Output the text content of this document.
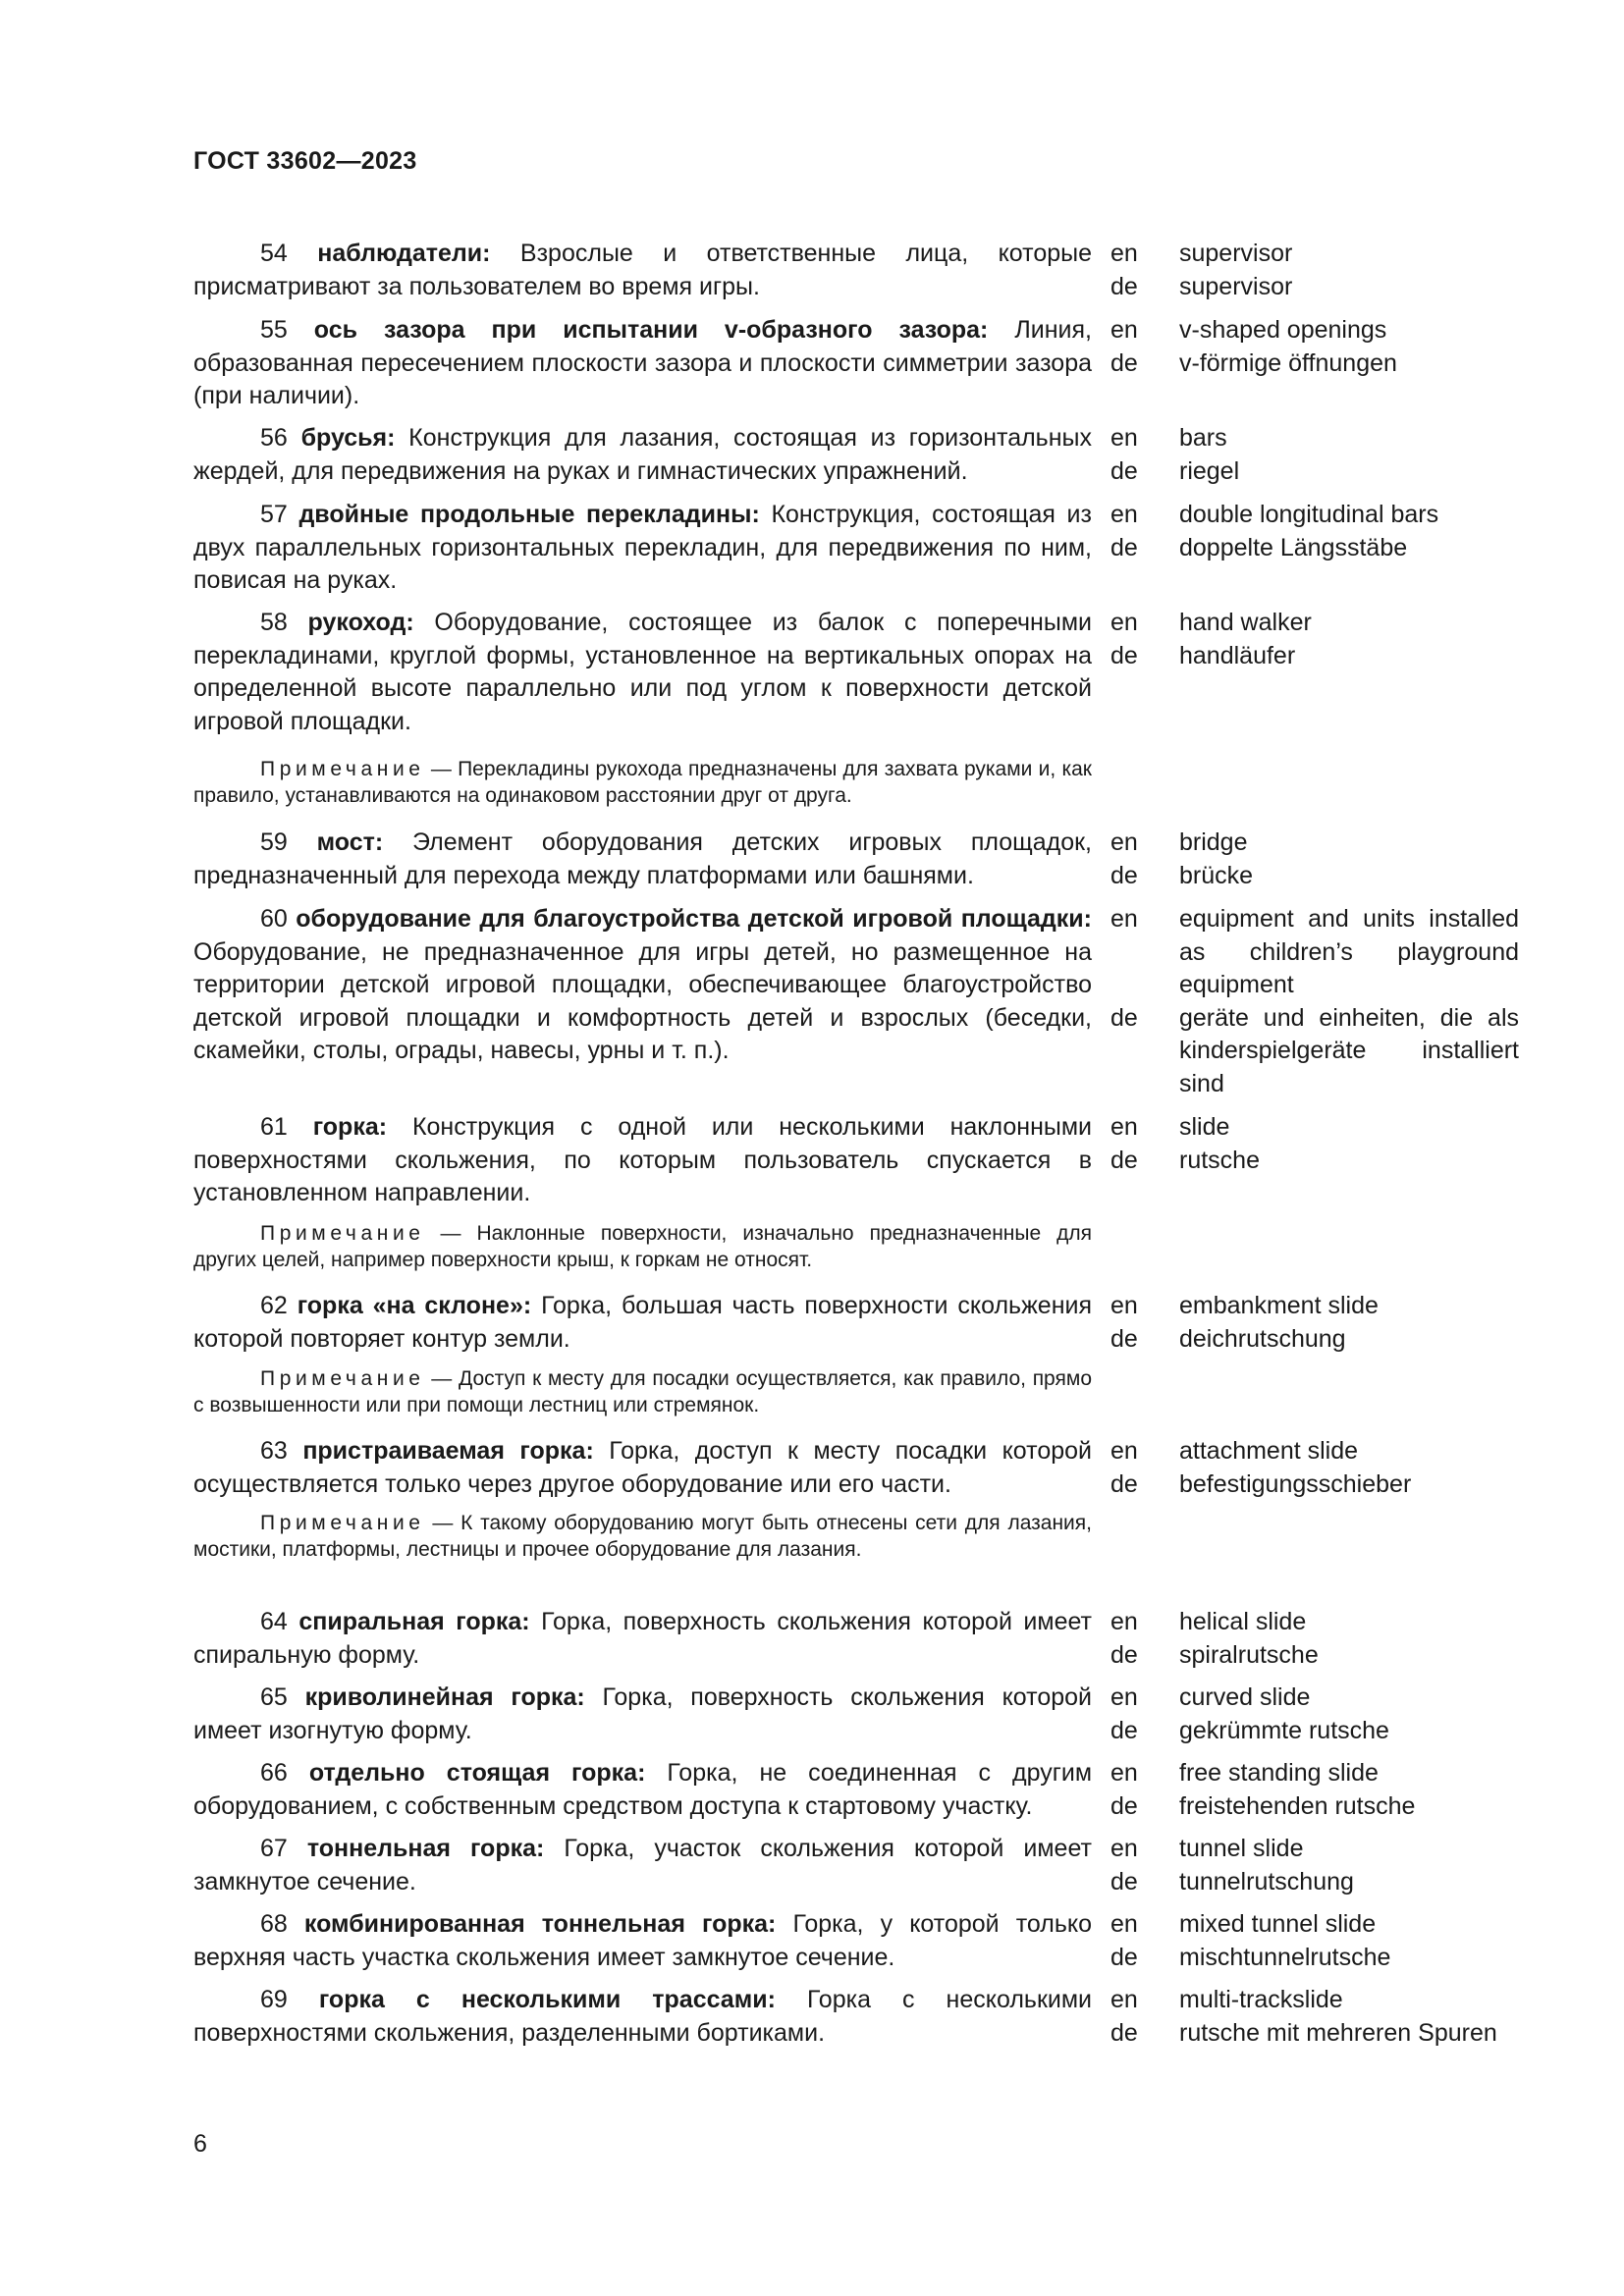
ГОСТ 33602—2023

54 наблюдатели: Взрослые и ответственные лица, которые присматривают за пользователем во время игры.

en
de
supervisor
supervisor

55 ось зазора при испытании v-образного зазора: Линия, образованная пересечением плоскости зазора и плоскости симметрии зазора (при наличии).

en
de
v-shaped openings
v-förmige öffnungen

56 брусья: Конструкция для лазания, состоящая из горизонтальных жердей, для передвижения на руках и гимнастических упражнений.

en
de
bars
riegel

57 двойные продольные перекладины: Конструкция, состоящая из двух параллельных горизонтальных перекладин, для передвижения по ним, повисая на руках.

en
de
double longitudinal bars
doppelte Längsstäbe

58 рукоход: Оборудование, состоящее из балок с поперечными перекладинами, круглой формы, установленное на вертикальных опорах на определенной высоте параллельно или под углом к поверхности детской игровой площадки.

en
de
hand walker
handläufer

Примечание — Перекладины рукохода предназначены для захвата руками и, как правило, устанавливаются на одинаковом расстоянии друг от друга.

59 мост: Элемент оборудования детских игровых площадок, предназначенный для перехода между платформами или башнями.

en
de
bridge
brücke

60 оборудование для благоустройства детской игровой площадки: Оборудование, не предназначенное для игры детей, но размещенное на территории детской игровой площадки, обеспечивающее благоустройство детской игровой площадки и комфортность детей и взрослых (беседки, скамейки, столы, ограды, навесы, урны и т. п.).

en
de
equipment and units installed as children’s playground equipment
geräte und einheiten, die als kinderspielgeräte installiert sind

61 горка: Конструкция с одной или несколькими наклонными поверхностями скольжения, по которым пользователь спускается в установленном направлении.

en
de
slide
rutsche

Примечание — Наклонные поверхности, изначально предназначенные для других целей, например поверхности крыш, к горкам не относят.

62 горка «на склоне»: Горка, большая часть поверхности скольжения которой повторяет контур земли.

en
de
embankment slide
deichrutschung

Примечание — Доступ к месту для посадки осуществляется, как правило, прямо с возвышенности или при помощи лестниц или стремянок.

63 пристраиваемая горка: Горка, доступ к месту посадки которой осуществляется только через другое оборудование или его части.

en
de
attachment slide
befestigungsschieber

Примечание — К такому оборудованию могут быть отнесены сети для лазания, мостики, платформы, лестницы и прочее оборудование для лазания.

64 спиральная горка: Горка, поверхность скольжения которой имеет спиральную форму.

en
de
helical slide
spiralrutsche

65 криволинейная горка: Горка, поверхность скольжения которой имеет изогнутую форму.

en
de
curved slide
gekrümmte rutsche

66 отдельно стоящая горка: Горка, не соединенная с другим оборудованием, с собственным средством доступа к стартовому участку.

en
de
free standing slide
freistehenden rutsche

67 тоннельная горка: Горка, участок скольжения которой имеет замкнутое сечение.

en
de
tunnel slide
tunnelrutschung

68 комбинированная тоннельная горка: Горка, у которой только верхняя часть участка скольжения имеет замкнутое сечение.

en
de
mixed tunnel slide
mischtunnelrutsche

69 горка с несколькими трассами: Горка с несколькими поверхностями скольжения, разделенными бортиками.

en
de
multi-trackslide
rutsche mit mehreren Spuren
6
